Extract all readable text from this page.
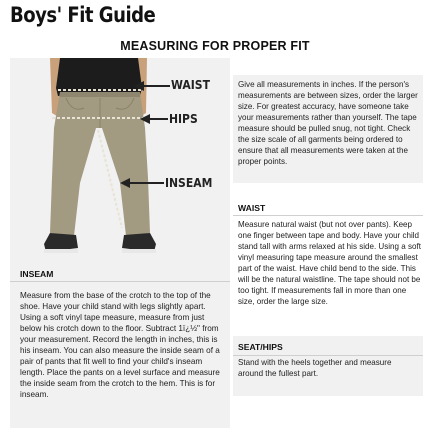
Boys' Fit Guide
MEASURING FOR PROPER FIT
WAIST
HIPS
INSEAM

Give all measurements in inches. If the person's measurements are between sizes, order the larger size. For greatest accuracy, have someone take your measurements rather than yourself. The tape measure should be pulled snug, not tight. Check the size scale of all garments being ordered to ensure that all measurements were taken at the proper points.

WAIST

Measure natural waist (but not over pants). Keep one finger between tape and body. Have your child stand tall with arms relaxed at his side. Using a soft vinyl measuring tape measure around the smallest part of the waist. Have child bend to the side. This will be the natural waistline. The tape should not be too tight. If measurements fall in more than one size, order the large size.

SEAT/HIPS

Stand with the heels together and measure around the fullest part.

INSEAM

Measure from the base of the crotch to the top of the shoe. Have your child stand with legs slightly apart. Using a soft vinyl tape measure, measure from just below his crotch down to the floor. Subtract 1ï¿½" from your measurement. Record the length in inches, this is his inseam. You can also measure the inside seam of a pair of pants that fit well to find your child's inseam length. Place the pants on a level surface and measure the inside seam from the crotch to the hem. This is for inseam.
